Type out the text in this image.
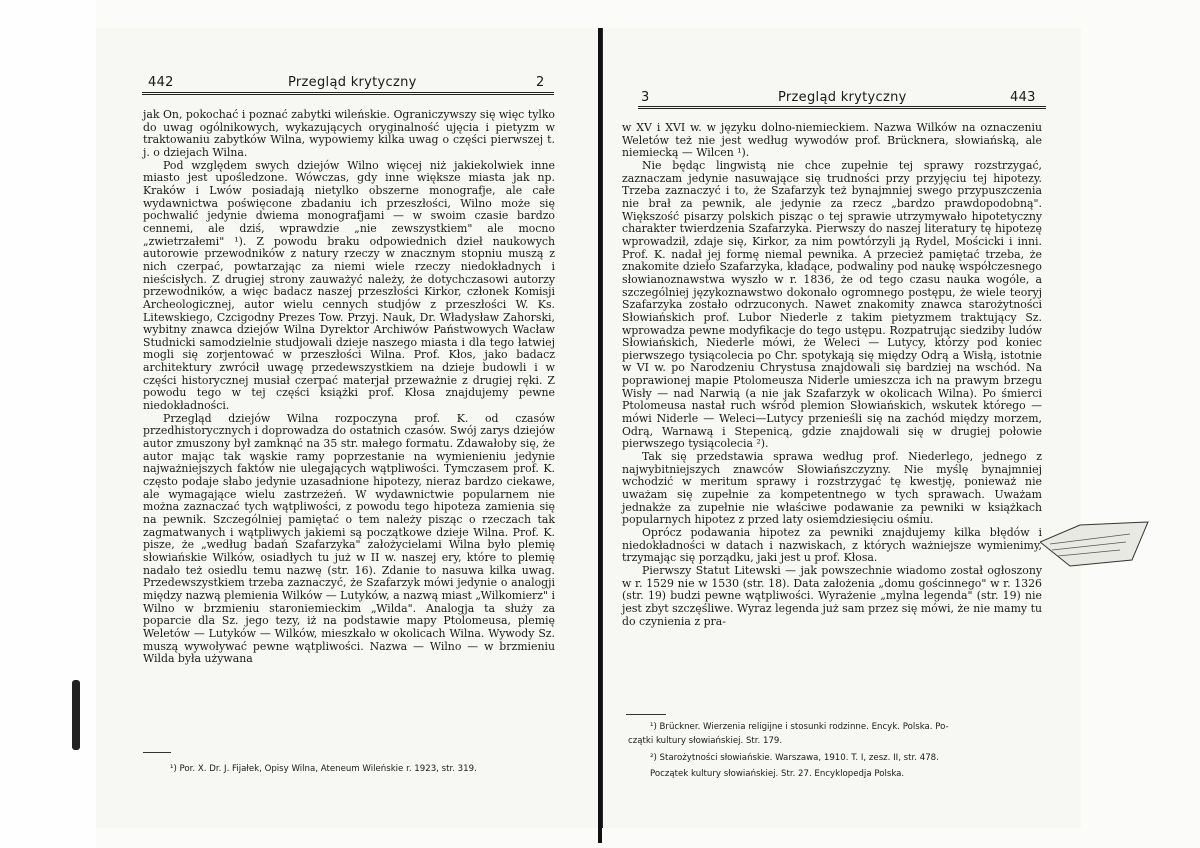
442	Przegląd krytyczny	2

jak On, pokochać i poznać zabytki wileńskie. Ograniczywszy się więc tylko do uwag ogólnikowych, wykazujących oryginalność ujęcia i pietyzm w traktowaniu zabytków Wilna, wypowiemy kilka uwag o części pierwszej t. j. o dziejach Wilna.

Pod względem swych dziejów Wilno więcej niż jakiekolwiek inne miasto jest upośledzone. Wówczas, gdy inne większe miasta jak np. Kraków i Lwów posiadają nietylko obszerne monografje, ale całe wydawnictwa poświęcone zbadaniu ich przeszłości, Wilno może się pochwalić jedynie dwiema monografjami — w swoim czasie bardzo cennemi, ale dziś, wprawdzie „nie zewszystkiem" ale mocno „zwietrzałemi" ¹). Z powodu braku odpowiednich dzieł naukowych autorowie przewodników z natury rzeczy w znacznym stopniu muszą z nich czerpać, powtarzając za niemi wiele rzeczy niedokładnych i nieścisłych. Z drugiej strony zauważyć należy, że dotychczasowi autorzy przewodników, a więc badacz naszej przeszłości Kirkor, członek Komisji Archeologicznej, autor wielu cennych studjów z przeszłości W. Ks. Litewskiego, Czcigodny Prezes Tow. Przyj. Nauk, Dr. Władysław Zahorski, wybitny znawca dziejów Wilna Dyrektor Archiwów Państwowych Wacław Studnicki samodzielnie studjowali dzieje naszego miasta i dla tego łatwiej mogli się zorjentować w przeszłości Wilna. Prof. Kłos, jako badacz architektury zwrócił uwagę przedewszystkiem na dzieje budowli i w części historycznej musiał czerpać materjał przeważnie z drugiej ręki. Z powodu tego w tej części książki prof. Kłosa znajdujemy pewne niedokładności.

Przegląd dziejów Wilna rozpoczyna prof. K. od czasów przedhistorycznych i doprowadza do ostatnich czasów. Swój zarys dziejów autor zmuszony był zamknąć na 35 str. małego formatu. Zdawałoby się, że autor mając tak wąskie ramy poprzestanie na wymienieniu jedynie najważniejszych faktów nie ulegających wątpliwości. Tymczasem prof. K. często podaje słabo jedynie uzasadnione hipotezy, nieraz bardzo ciekawe, ale wymagające wielu zastrzeżeń. W wydawnictwie popularnem nie można zaznaczać tych wątpliwości, z powodu tego hipoteza zamienia się na pewnik. Szczególniej pamiętać o tem należy pisząc o rzeczach tak zagmatwanych i wątpliwych jakiemi są początkowe dzieje Wilna. Prof. K. pisze, że „według badań Szafarzyka" założycielami Wilna było plemię słowiańskie Wilków, osiadłych tu już w II w. naszej ery, które to plemię nadało też osiedlu temu nazwę (str. 16). Zdanie to nasuwa kilka uwag. Przedewszystkiem trzeba zaznaczyć, że Szafarzyk mówi jedynie o analogji między nazwą plemienia Wilków — Lutyków, a nazwą miast „Wilkomierz" i Wilno w brzmieniu staroniemieckim „Wilda". Analogja ta służy za poparcie dla Sz. jego tezy, iż na podstawie mapy Ptolomeusa, plemię Weletów — Lutyków — Wilków, mieszkało w okolicach Wilna. Wywody Sz. muszą wywoływać pewne wątpliwości. Nazwa — Wilno — w brzmieniu Wilda była używana

¹) Por. X. Dr. J. Fijałek, Opisy Wilna, Ateneum Wileńskie r. 1923, str. 319.
3	Przegląd krytyczny	443

w XV i XVI w. w języku dolno-niemieckiem. Nazwa Wilków na oznaczeniu Weletów też nie jest według wywodów prof. Brücknera, słowiańską, ale niemiecką — Wilcen ¹).

Nie będąc lingwistą nie chce zupełnie tej sprawy rozstrzygać, zaznaczam jedynie nasuwające się trudności przy przyjęciu tej hipotezy. Trzeba zaznaczyć i to, że Szafarzyk też bynajmniej swego przypuszczenia nie brał za pewnik, ale jedynie za rzecz „bardzo prawdopodobną". Większość pisarzy polskich pisząc o tej sprawie utrzymywało hipotetyczny charakter twierdzenia Szafarzyka. Pierwszy do naszej literatury tę hipotezę wprowadził, zdaje się, Kirkor, za nim powtórzyli ją Rydel, Mościcki i inni. Prof. K. nadał jej formę niemal pewnika. A przecież pamiętać trzeba, że znakomite dzieło Szafarzyka, kładące, podwaliny pod naukę współczesnego słowianoznawstwa wyszło w r. 1836, że od tego czasu nauka wogóle, a szczególniej językoznawstwo dokonało ogromnego postępu, że wiele teoryj Szafarzyka zostało odrzuconych. Nawet znakomity znawca starożytności Słowiańskich prof. Lubor Niederle z takim pietyzmem traktujący Sz. wprowadza pewne modyfikacje do tego ustępu. Rozpatrując siedziby ludów Słowiańskich, Niederle mówi, że Weleci — Lutycy, którzy pod koniec pierwszego tysiącolecia po Chr. spotykają się między Odrą a Wisłą, istotnie w VI w. po Narodzeniu Chrystusa znajdowali się bardziej na wschód. Na poprawionej mapie Ptolomeusza Niderle umieszcza ich na prawym brzegu Wisły — nad Narwią (a nie jak Szafarzyk w okolicach Wilna). Po śmierci Ptolomeusa nastał ruch wśród plemion Słowiańskich, wskutek którego — mówi Niderle — Weleci—Lutycy przenieśli się na zachód między morzem, Odrą, Warnawą i Stepenicą, gdzie znajdowali się w drugiej połowie pierwszego tysiącolecia ²).

Tak się przedstawia sprawa według prof. Niederlego, jednego z najwybitniejszych znawców Słowiańszczyzny. Nie myślę bynajmniej wchodzić w meritum sprawy i rozstrzygać tę kwestję, ponieważ nie uważam się zupełnie za kompetentnego w tych sprawach. Uważam jednakże za zupełnie nie właściwe podawanie za pewniki w książkach popularnych hipotez z przed laty osiemdziesięciu ośmiu.

Oprócz podawania hipotez za pewniki znajdujemy kilka błędów i niedokładności w datach i nazwiskach, z których ważniejsze wymienimy, trzymając się porządku, jaki jest u prof. Kłosa.

Pierwszy Statut Litewski — jak powszechnie wiadomo został ogłoszony w r. 1529 nie w 1530 (str. 18). Data założenia „domu gościnnego" w r. 1326 (str. 19) budzi pewne wątpliwości. Wyrażenie „mylna legenda" (str. 19) nie jest zbyt szczęśliwe. Wyraz legenda już sam przez się mówi, że nie mamy tu do czynienia z pra-

¹) Brückner. Wierzenia religijne i stosunki rodzinne. Encyk. Polska. Po-
czątki kultury słowiańskiej. Str. 179.
²) Starożytności słowiańskie. Warszawa, 1910. T. I, zesz. II, str. 478.
Początek kultury słowiańskiej. Str. 27. Encyklopedja Polska.
